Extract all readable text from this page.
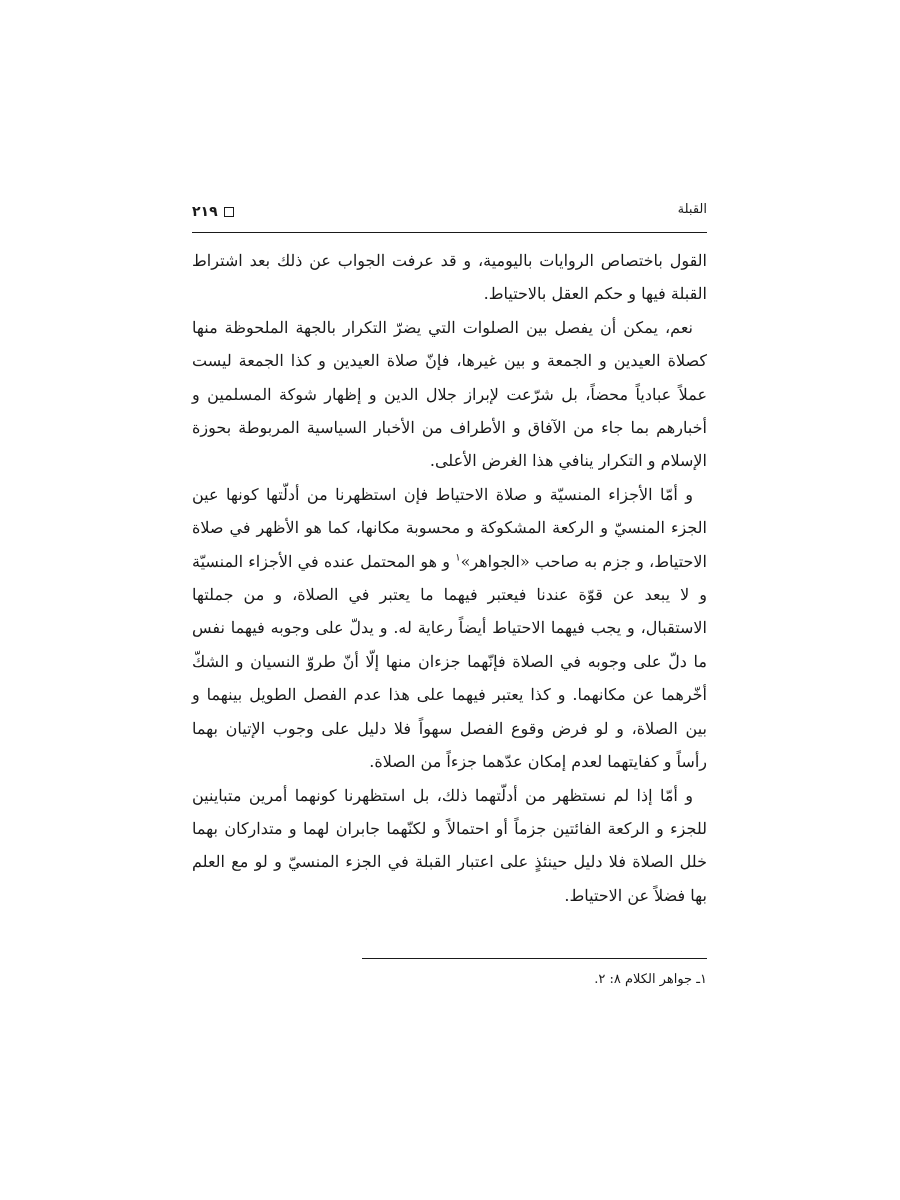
٢١٩	القبلة

القول باختصاص الروايات باليومية، و قد عرفت الجواب عن ذلك بعد اشتراط القبلة فيها و حكم العقل بالاحتياط.

نعم، يمكن أن يفصل بين الصلوات التي يضرّ التكرار بالجهة الملحوظة منها كصلاة العيدين و الجمعة و بين غيرها، فإنّ صلاة العيدين و كذا الجمعة ليست عملاً عبادياً محضاً، بل شرّعت لإبراز جلال الدين و إظهار شوكة المسلمين و أخبارهم بما جاء من الآفاق و الأطراف من الأخبار السياسية المربوطة بحوزة الإسلام و التكرار ينافي هذا الغرض الأعلى.

و أمّا الأجزاء المنسيّة و صلاة الاحتياط فإن استظهرنا من أدلّتها كونها عين الجزء المنسيّ و الركعة المشكوكة و محسوبة مكانها، كما هو الأظهر في صلاة الاحتياط، و جزم به صاحب «الجواهر»$^١$ و هو المحتمل عنده في الأجزاء المنسيّة و لا يبعد عن قوّة عندنا فيعتبر فيهما ما يعتبر في الصلاة، و من جملتها الاستقبال، و يجب فيهما الاحتياط أيضاً رعاية له. و يدلّ على وجوبه فيهما نفس ما دلّ على وجوبه في الصلاة فإنّهما جزءان منها إلّا أنّ طروّ النسيان و الشكّ أخّرهما عن مكانهما. و كذا يعتبر فيهما على هذا عدم الفصل الطويل بينهما و بين الصلاة، و لو فرض وقوع الفصل سهواً فلا دليل على وجوب الإتيان بهما رأساً و كفايتهما لعدم إمكان عدّهما جزءاً من الصلاة.

و أمّا إذا لم نستظهر من أدلّتهما ذلك، بل استظهرنا كونهما أمرين متباينين للجزء و الركعة الفائتين جزماً أو احتمالاً و لكنّهما جابران لهما و متداركان بهما خلل الصلاة فلا دليل حينئذٍ على اعتبار القبلة في الجزء المنسيّ و لو مع العلم بها فضلاً عن الاحتياط.

١ـ جواهر الكلام ٨: ٢.
